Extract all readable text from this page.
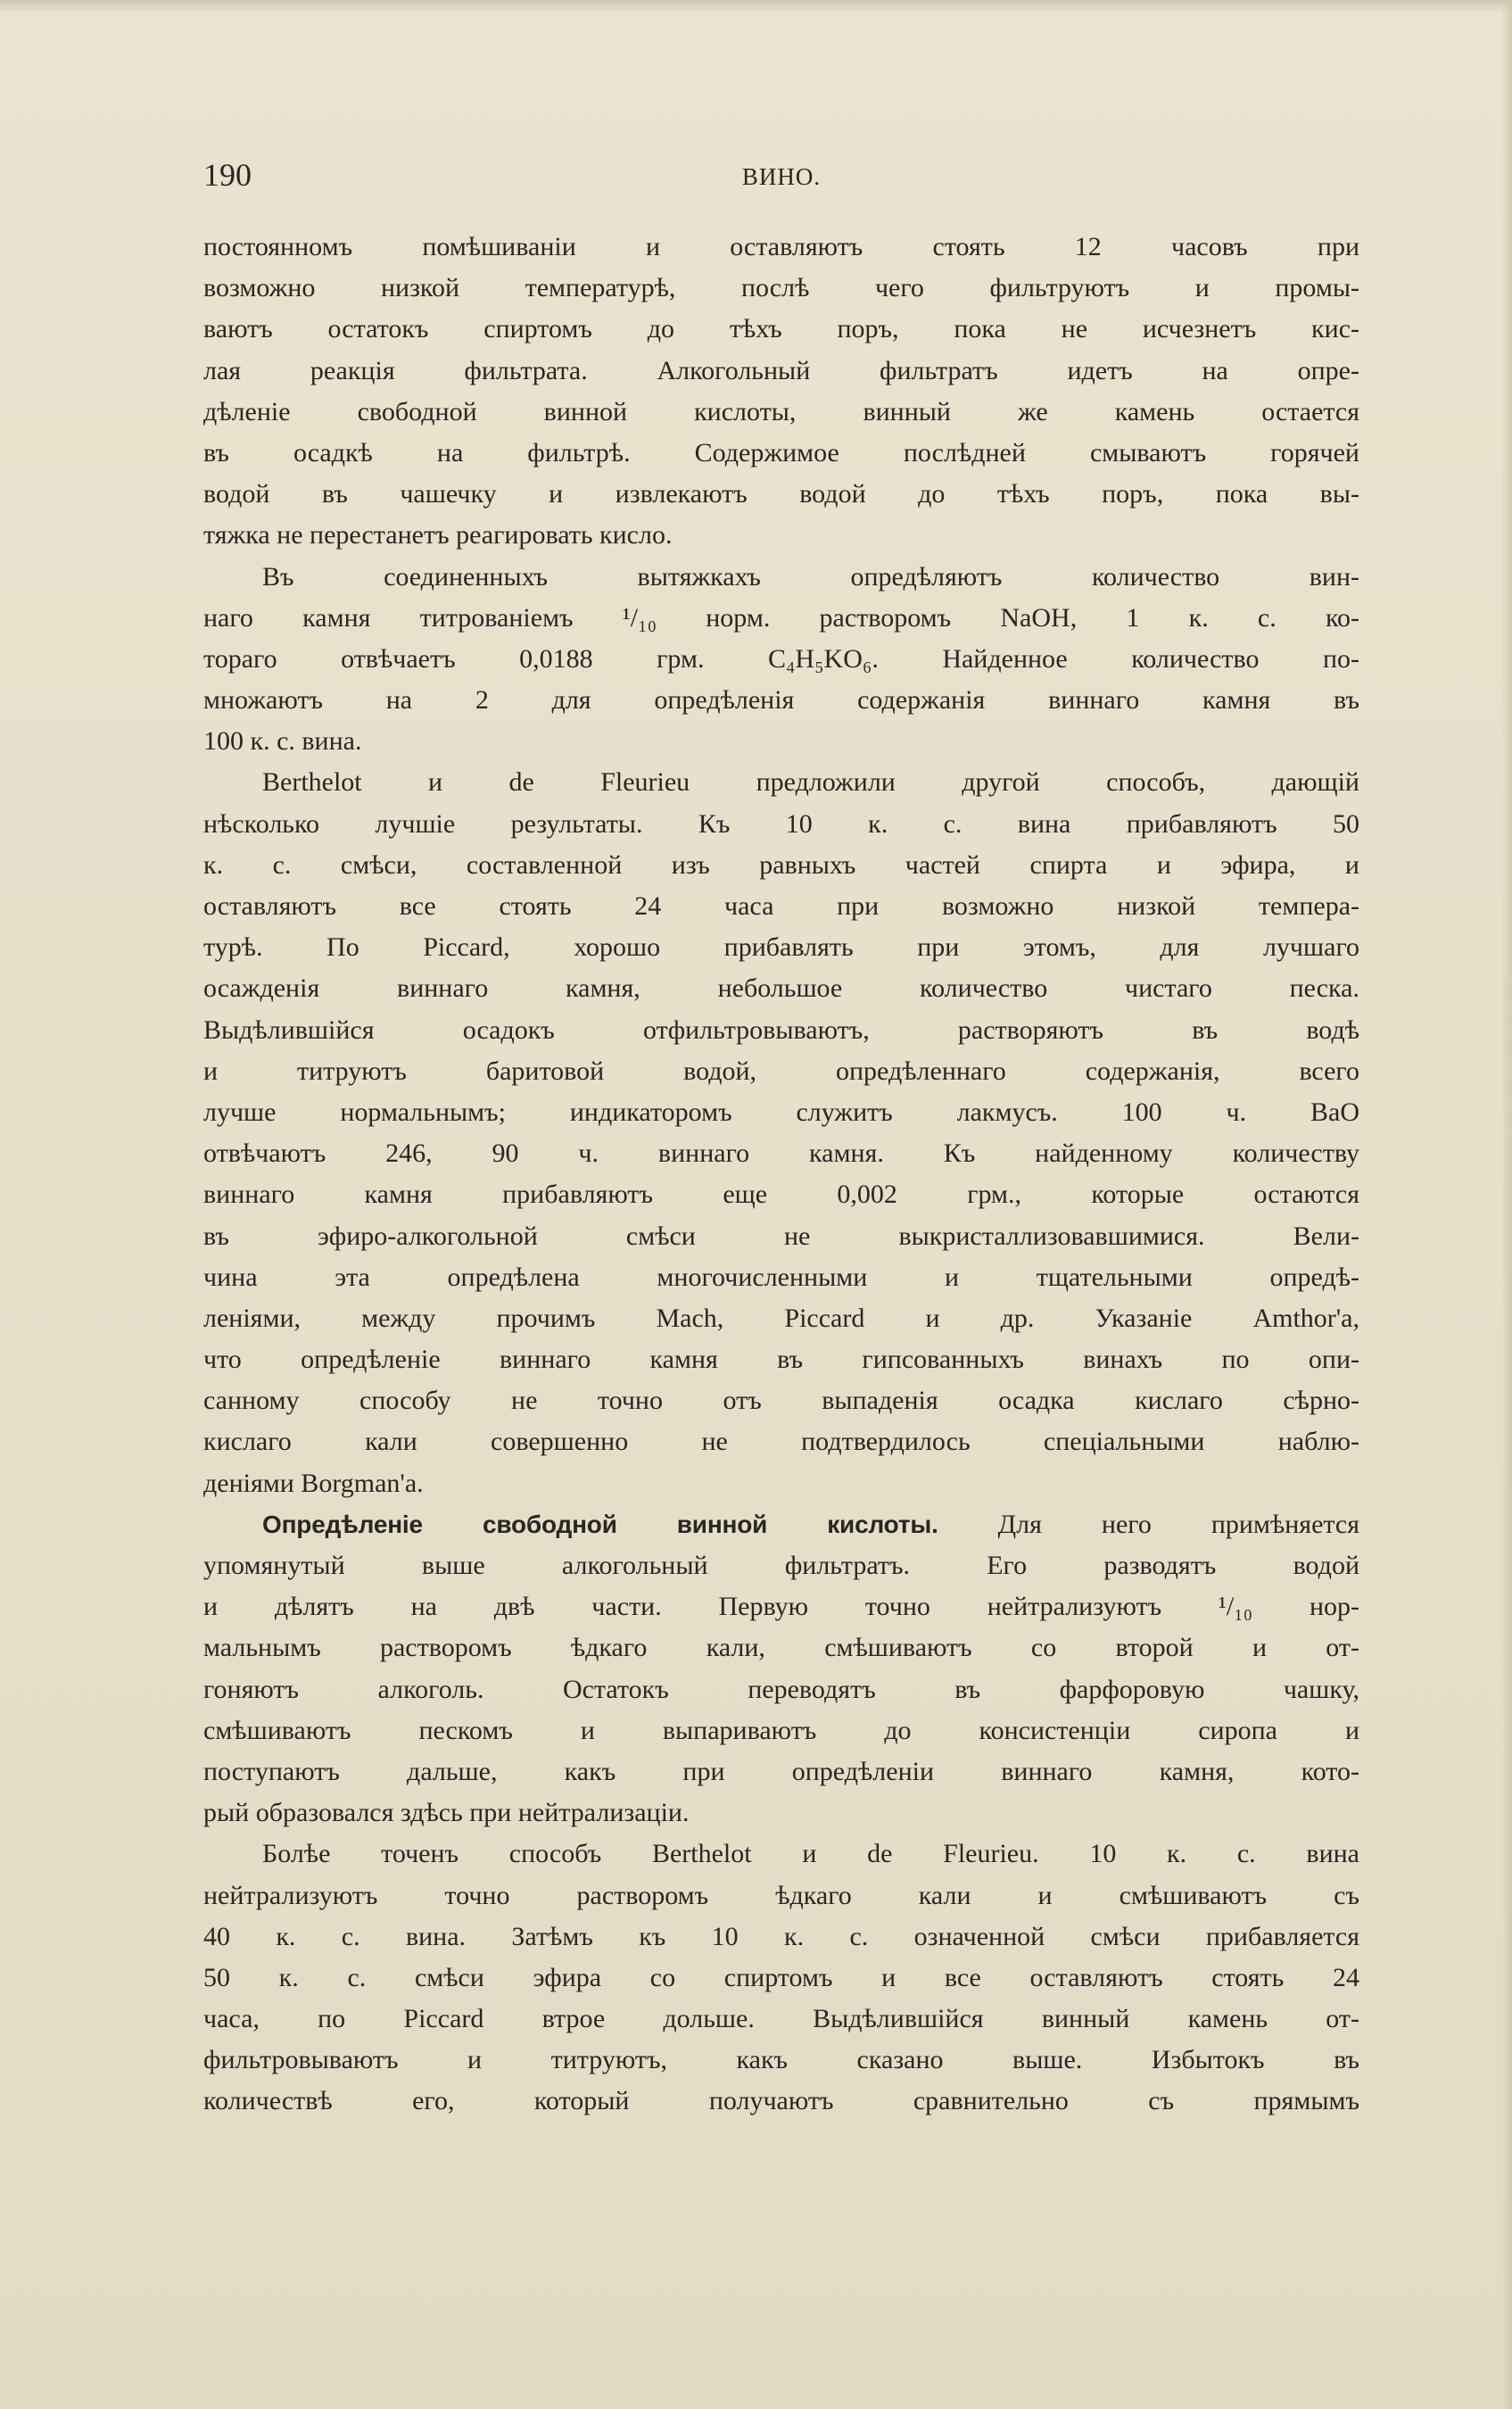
190	ВИНО.
постоянномъ помѣшиванiи и оставляютъ стоять 12 часовъ при
возможно низкой температурѣ, послѣ чего фильтруютъ и промы-
ваютъ остатокъ спиртомъ до тѣхъ поръ, пока не исчезнетъ кис-
лая реакцiя фильтрата. Алкогольный фильтратъ идетъ на опре-
дѣленiе свободной винной кислоты, винный же камень остается
въ осадкѣ на фильтрѣ. Содержимое послѣдней смываютъ горячей
водой въ чашечку и извлекаютъ водой до тѣхъ поръ, пока вы-
тяжка не перестанетъ реагировать кисло.
Въ соединенныхъ вытяжкахъ опредѣляютъ количество вин-
наго камня титрованiемъ ¹/₁₀ норм. растворомъ NaOH, 1 к. с. ко-
тораго отвѣчаетъ 0,0188 грм. C₄H₅KO₆. Найденное количество по-
множаютъ на 2 для опредѣленiя содержанiя виннаго камня въ
100 к. с. вина.
Berthelot и de Fleurieu предложили другой способъ, дающiй
нѣсколько лучшiе результаты. Къ 10 к. с. вина прибавляютъ 50
к. с. смѣси, составленной изъ равныхъ частей спирта и эфира, и
оставляютъ все стоять 24 часа при возможно низкой темпера-
турѣ. По Piccard, хорошо прибавлять при этомъ, для лучшаго
осажденiя виннаго камня, небольшое количество чистаго песка.
Выдѣлившiйся осадокъ отфильтровываютъ, растворяютъ въ водѣ
и титруютъ баритовой водой, опредѣленнаго содержанiя, всего
лучше нормальнымъ; индикаторомъ служитъ лакмусъ. 100 ч. BaO
отвѣчаютъ 246, 90 ч. виннаго камня. Къ найденному количеству
виннаго камня прибавляютъ еще 0,002 грм., которые остаются
въ эфиро-алкогольной смѣси не выкристаллизовавшимися. Вели-
чина эта опредѣлена многочисленными и тщательными опредѣ-
ленiями, между прочимъ Mach, Piccard и др. Указанiе Amthor'а,
что опредѣленiе виннаго камня въ гипсованныхъ винахъ по опи-
санному способу не точно отъ выпаденiя осадка кислаго сѣрно-
кислаго кали совершенно не подтвердилось спецiальными наблю-
денiями Borgman'а.
Опредѣленiе свободной винной кислоты. Для него примѣняется
упомянутый выше алкогольный фильтратъ. Его разводятъ водой
и дѣлятъ на двѣ части. Первую точно нейтрализуютъ ¹/₁₀ нор-
мальнымъ растворомъ ѣдкаго кали, смѣшиваютъ со второй и от-
гоняютъ алкоголь. Остатокъ переводятъ въ фарфоровую чашку,
смѣшиваютъ пескомъ и выпариваютъ до консистенцiи сиропа и
поступаютъ дальше, какъ при опредѣленiи виннаго камня, кото-
рый образовался здѣсь при нейтрализацiи.
Болѣе точенъ способъ Berthelot и de Fleurieu. 10 к. с. вина
нейтрализуютъ точно растворомъ ѣдкаго кали и смѣшиваютъ съ
40 к. с. вина. Затѣмъ къ 10 к. с. означенной смѣси прибавляется
50 к. с. смѣси эфира со спиртомъ и все оставляютъ стоять 24
часа, по Piccard втрое дольше. Выдѣлившiйся винный камень от-
фильтровываютъ и титруютъ, какъ сказано выше. Избытокъ въ
количествѣ его, который получаютъ сравнительно съ прямымъ
